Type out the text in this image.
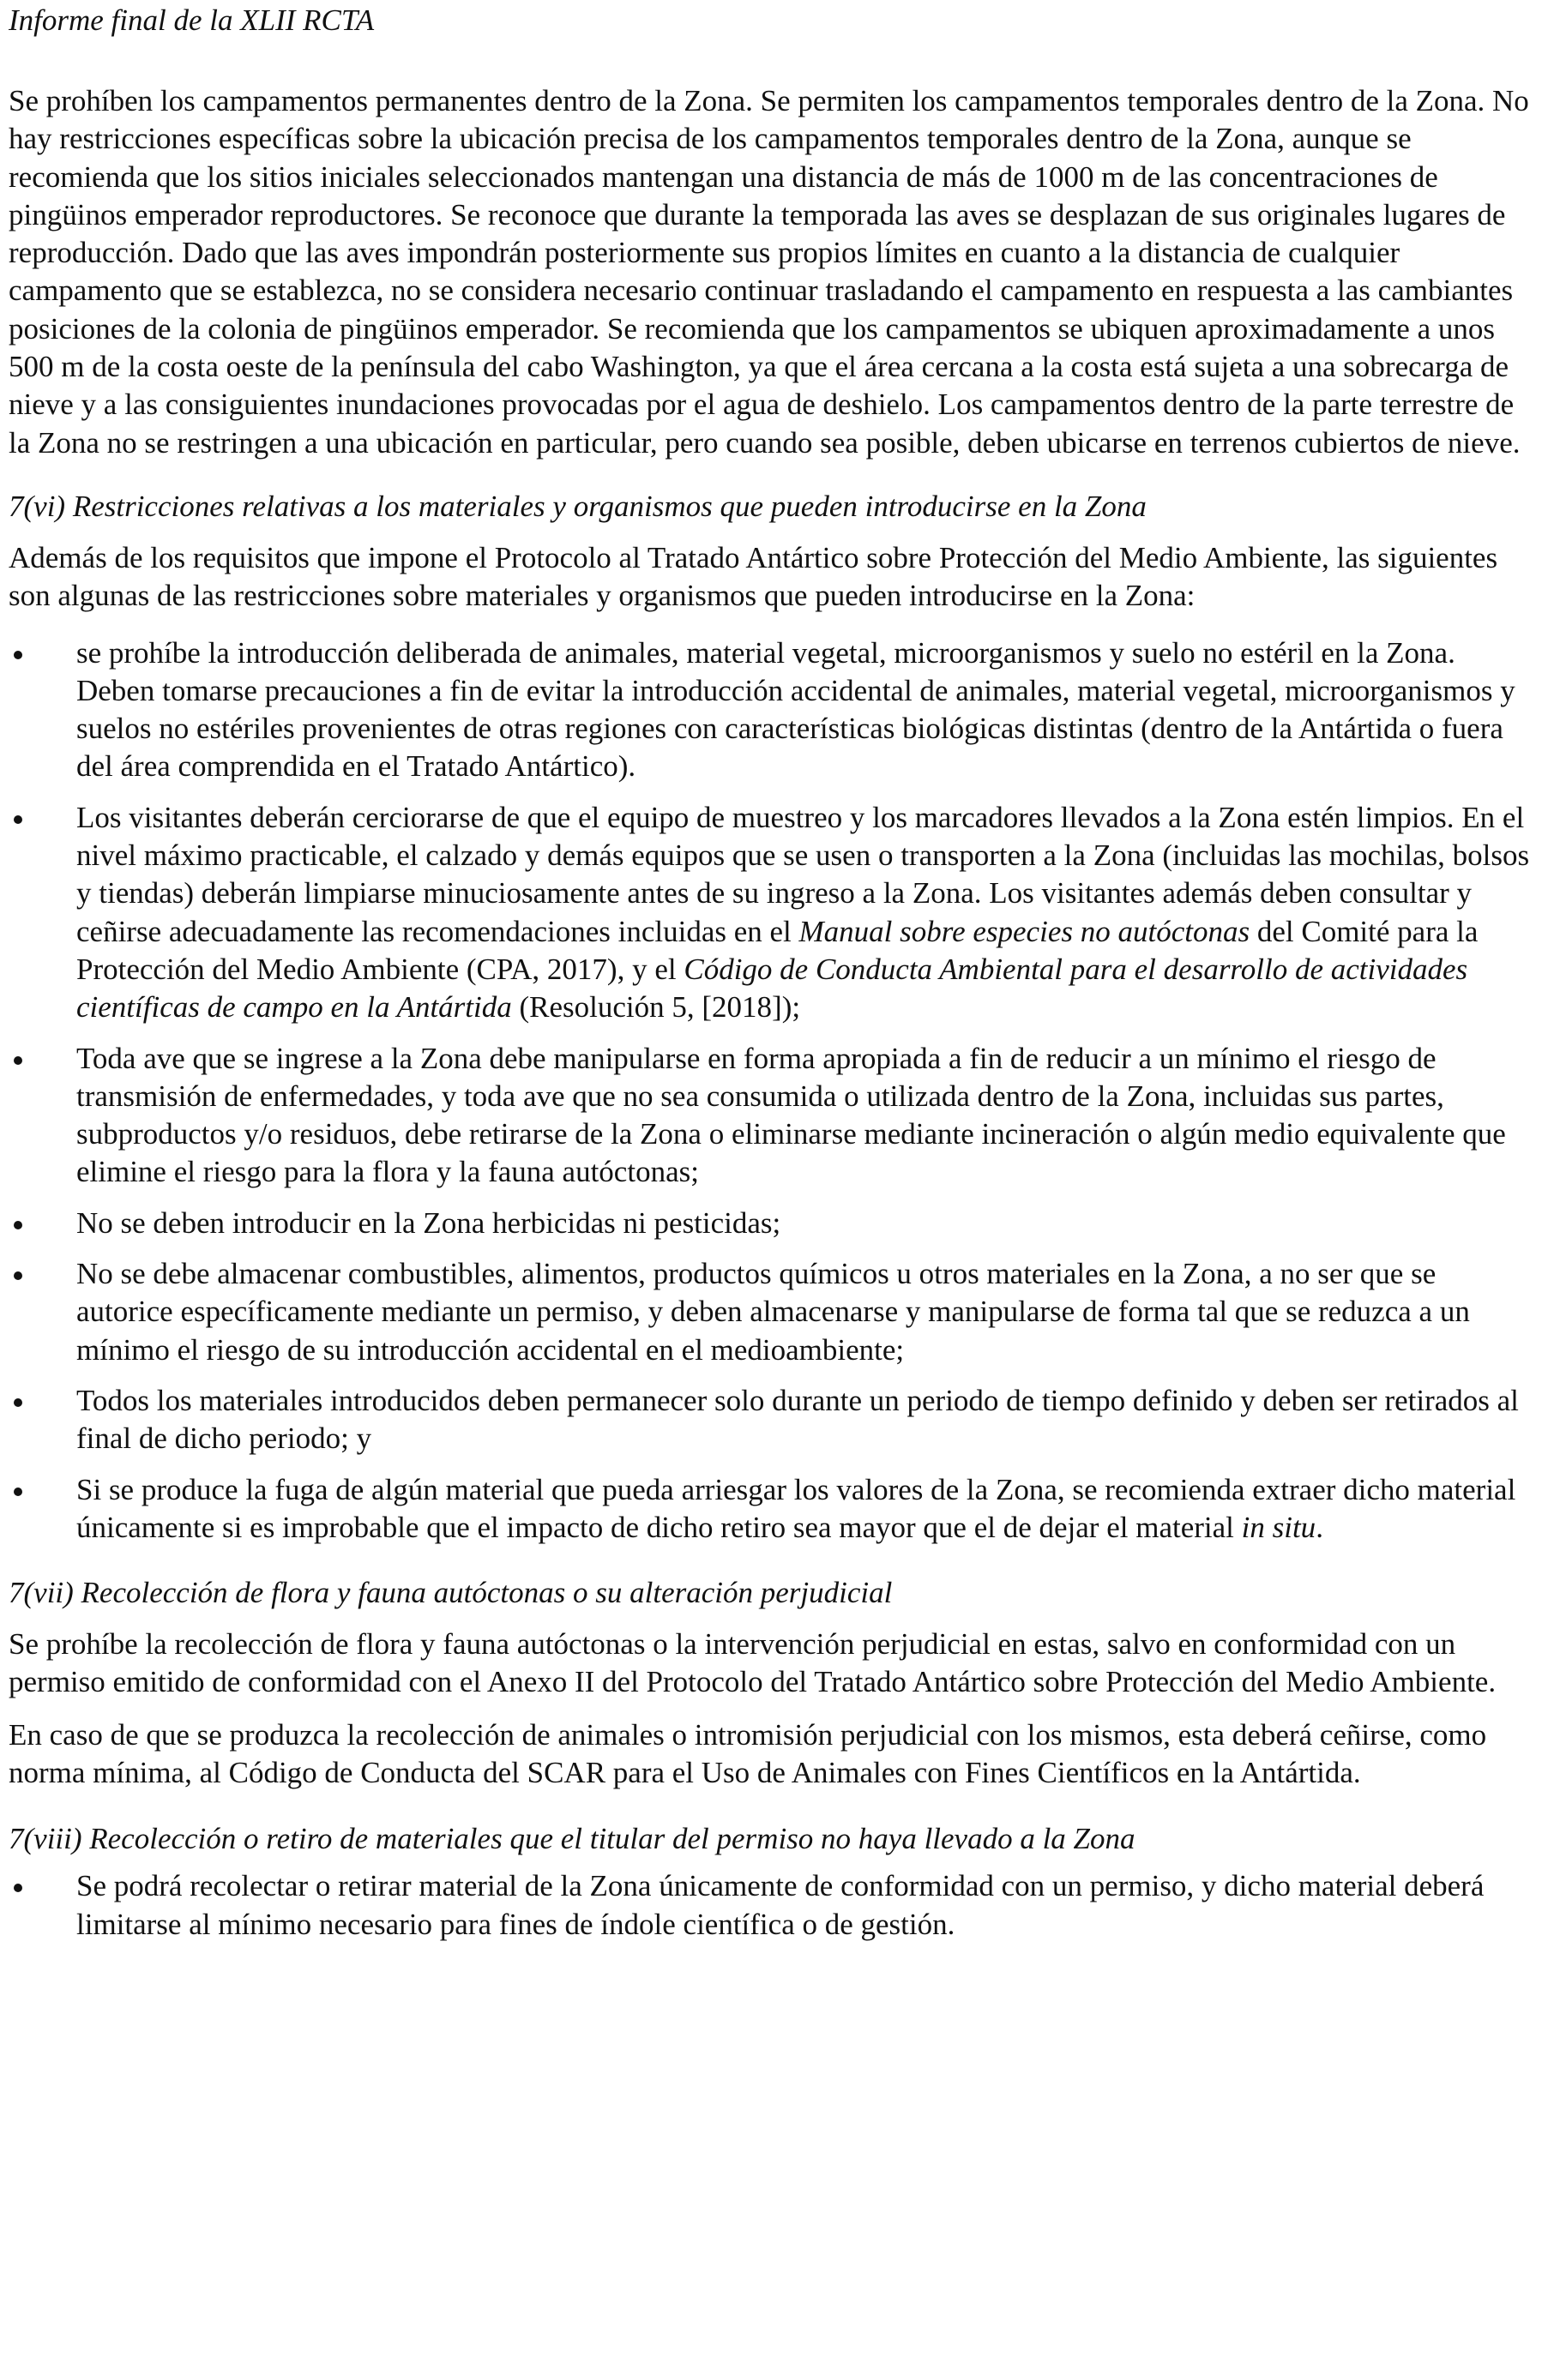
Informe final de la XLII RCTA

Se prohíben los campamentos permanentes dentro de la Zona. Se permiten los campamentos temporales dentro de la Zona. No hay restricciones específicas sobre la ubicación precisa de los campamentos temporales dentro de la Zona, aunque se recomienda que los sitios iniciales seleccionados mantengan una distancia de más de 1000 m de las concentraciones de pingüinos emperador reproductores. Se reconoce que durante la temporada las aves se desplazan de sus originales lugares de reproducción. Dado que las aves impondrán posteriormente sus propios límites en cuanto a la distancia de cualquier campamento que se establezca, no se considera necesario continuar trasladando el campamento en respuesta a las cambiantes posiciones de la colonia de pingüinos emperador. Se recomienda que los campamentos se ubiquen aproximadamente a unos 500 m de la costa oeste de la península del cabo Washington, ya que el área cercana a la costa está sujeta a una sobrecarga de nieve y a las consiguientes inundaciones provocadas por el agua de deshielo. Los campamentos dentro de la parte terrestre de la Zona no se restringen a una ubicación en particular, pero cuando sea posible, deben ubicarse en terrenos cubiertos de nieve.

7(vi) Restricciones relativas a los materiales y organismos que pueden introducirse en la Zona

Además de los requisitos que impone el Protocolo al Tratado Antártico sobre Protección del Medio Ambiente, las siguientes son algunas de las restricciones sobre materiales y organismos que pueden introducirse en la Zona:

se prohíbe la introducción deliberada de animales, material vegetal, microorganismos y suelo no estéril en la Zona. Deben tomarse precauciones a fin de evitar la introducción accidental de animales, material vegetal, microorganismos y suelos no estériles provenientes de otras regiones con características biológicas distintas (dentro de la Antártida o fuera del área comprendida en el Tratado Antártico).
Los visitantes deberán cerciorarse de que el equipo de muestreo y los marcadores llevados a la Zona estén limpios. En el nivel máximo practicable, el calzado y demás equipos que se usen o transporten a la Zona (incluidas las mochilas, bolsos y tiendas) deberán limpiarse minuciosamente antes de su ingreso a la Zona. Los visitantes además deben consultar y ceñirse adecuadamente las recomendaciones incluidas en el Manual sobre especies no autóctonas del Comité para la Protección del Medio Ambiente (CPA, 2017), y el Código de Conducta Ambiental para el desarrollo de actividades científicas de campo en la Antártida (Resolución 5, [2018]);
Toda ave que se ingrese a la Zona debe manipularse en forma apropiada a fin de reducir a un mínimo el riesgo de transmisión de enfermedades, y toda ave que no sea consumida o utilizada dentro de la Zona, incluidas sus partes, subproductos y/o residuos, debe retirarse de la Zona o eliminarse mediante incineración o algún medio equivalente que elimine el riesgo para la flora y la fauna autóctonas;
No se deben introducir en la Zona herbicidas ni pesticidas;
No se debe almacenar combustibles, alimentos, productos químicos u otros materiales en la Zona, a no ser que se autorice específicamente mediante un permiso, y deben almacenarse y manipularse de forma tal que se reduzca a un mínimo el riesgo de su introducción accidental en el medioambiente;
Todos los materiales introducidos deben permanecer solo durante un periodo de tiempo definido y deben ser retirados al final de dicho periodo; y
Si se produce la fuga de algún material que pueda arriesgar los valores de la Zona, se recomienda extraer dicho material únicamente si es improbable que el impacto de dicho retiro sea mayor que el de dejar el material in situ.
7(vii) Recolección de flora y fauna autóctonas o su alteración perjudicial

Se prohíbe la recolección de flora y fauna autóctonas o la intervención perjudicial en estas, salvo en conformidad con un permiso emitido de conformidad con el Anexo II del Protocolo del Tratado Antártico sobre Protección del Medio Ambiente.

En caso de que se produzca la recolección de animales o intromisión perjudicial con los mismos, esta deberá ceñirse, como norma mínima, al Código de Conducta del SCAR para el Uso de Animales con Fines Científicos en la Antártida.

7(viii) Recolección o retiro de materiales que el titular del permiso no haya llevado a la Zona
Se podrá recolectar o retirar material de la Zona únicamente de conformidad con un permiso, y dicho material deberá limitarse al mínimo necesario para fines de índole científica o de gestión.
